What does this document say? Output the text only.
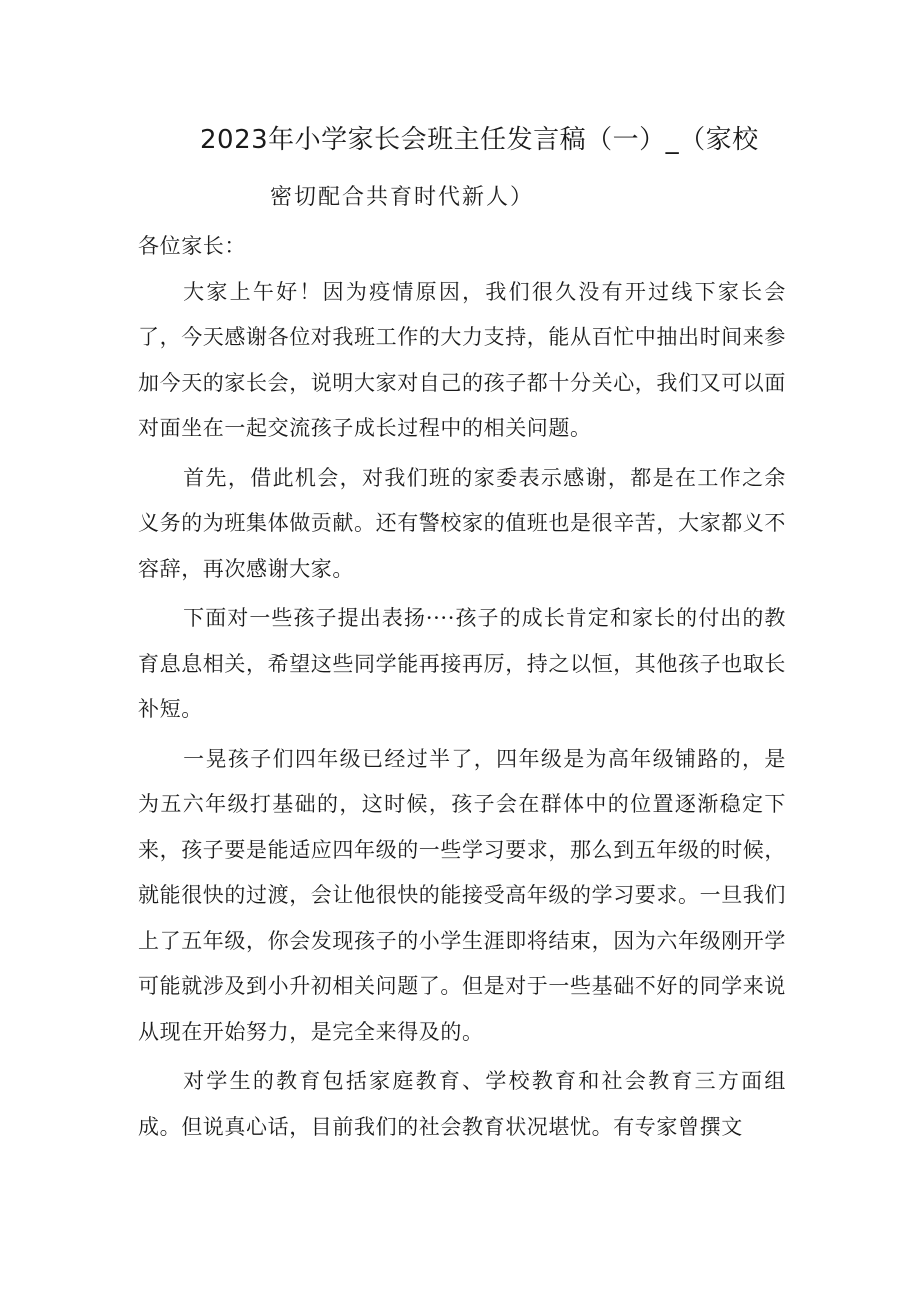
2023年小学家长会班主任发言稿（一）_（家校
密切配合共育时代新人）

各位家长：

大家上午好！因为疫情原因，我们很久没有开过线下家长会了，今天感谢各位对我班工作的大力支持，能从百忙中抽出时间来参加今天的家长会，说明大家对自己的孩子都十分关心，我们又可以面对面坐在一起交流孩子成长过程中的相关问题。

首先，借此机会，对我们班的家委表示感谢，都是在工作之余义务的为班集体做贡献。还有警校家的值班也是很辛苦，大家都义不容辞，再次感谢大家。

下面对一些孩子提出表扬····孩子的成长肯定和家长的付出的教育息息相关，希望这些同学能再接再厉，持之以恒，其他孩子也取长补短。

一晃孩子们四年级已经过半了，四年级是为高年级铺路的，是为五六年级打基础的，这时候，孩子会在群体中的位置逐渐稳定下来，孩子要是能适应四年级的一些学习要求，那么到五年级的时候，就能很快的过渡，会让他很快的能接受高年级的学习要求。一旦我们上了五年级，你会发现孩子的小学生涯即将结束，因为六年级刚开学可能就涉及到小升初相关问题了。但是对于一些基础不好的同学来说从现在开始努力，是完全来得及的。

对学生的教育包括家庭教育、学校教育和社会教育三方面组成。但说真心话，目前我们的社会教育状况堪忧。有专家曾撰文
